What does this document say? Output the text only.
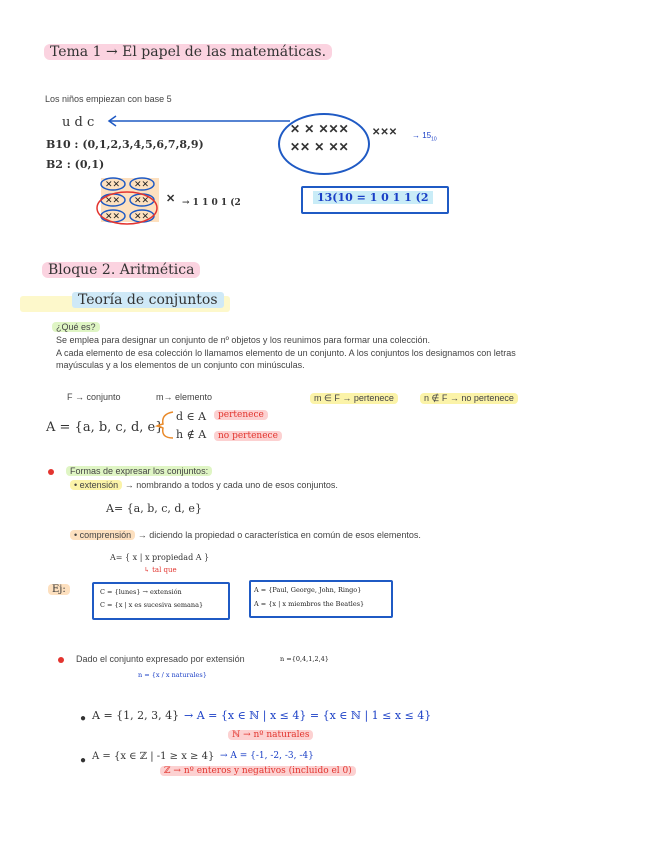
Tema 1 → El papel de las matemáticas.
Los niños empiezan con base 5
u d c
B10 : (0,1,2,3,4,5,6,7,8,9)
B2 : (0,1)
✕ ✕ ✕✕✕
✕✕ ✕ ✕✕
✕✕✕ → $15_{10}$
✕✕ ✕✕
✕✕ ✕✕
✕✕ ✕✕
✕ → 1 1 0 1 (2	13(10 = 1 0 1 1 (2
Bloque 2. Aritmética
Teoría de conjuntos
¿Qué es?
Se emplea para designar un conjunto de nº objetos y los reunimos para formar una colección.
A cada elemento de esa colección lo llamamos elemento de un conjunto. A los conjuntos los designamos con letras
mayúsculas y a los elementos de un conjunto con minúsculas.
F → conjunto	m→ elemento	m ∈ F → pertenece	n ∉ F → no pertenece
A = {a, b, c, d, e}
d ∈ A
h ∉ A
pertenece
no pertenece
Formas de expresar los conjuntos:
• extensión → nombrando a todos y cada uno de esos conjuntos.
A= {a, b, c, d, e}
• comprensión → diciendo la propiedad o característica en común de esos elementos.
A= { x | x propiedad A }
↳ tal que
Ej:	C = {lunes} → extensión
C = {x | x es sucesiva semana}
A = {Paul, George, John, Ringo}
A = {x | x miembros the Beatles}
Dado el conjunto expresado por extensión	n ={0,4,1,2,4}
n = {x / x naturales}
● A = {1, 2, 3, 4} → A = {x ∈ ℕ | x ≤ 4} = {x ∈ ℕ | 1 ≤ x ≤ 4}
ℕ → nº naturales
● A = {x ∈ ℤ | -1 ≥ x ≥ 4} → A = {-1, -2, -3, -4}
ℤ → nº enteros y negativos (incluido el 0)
